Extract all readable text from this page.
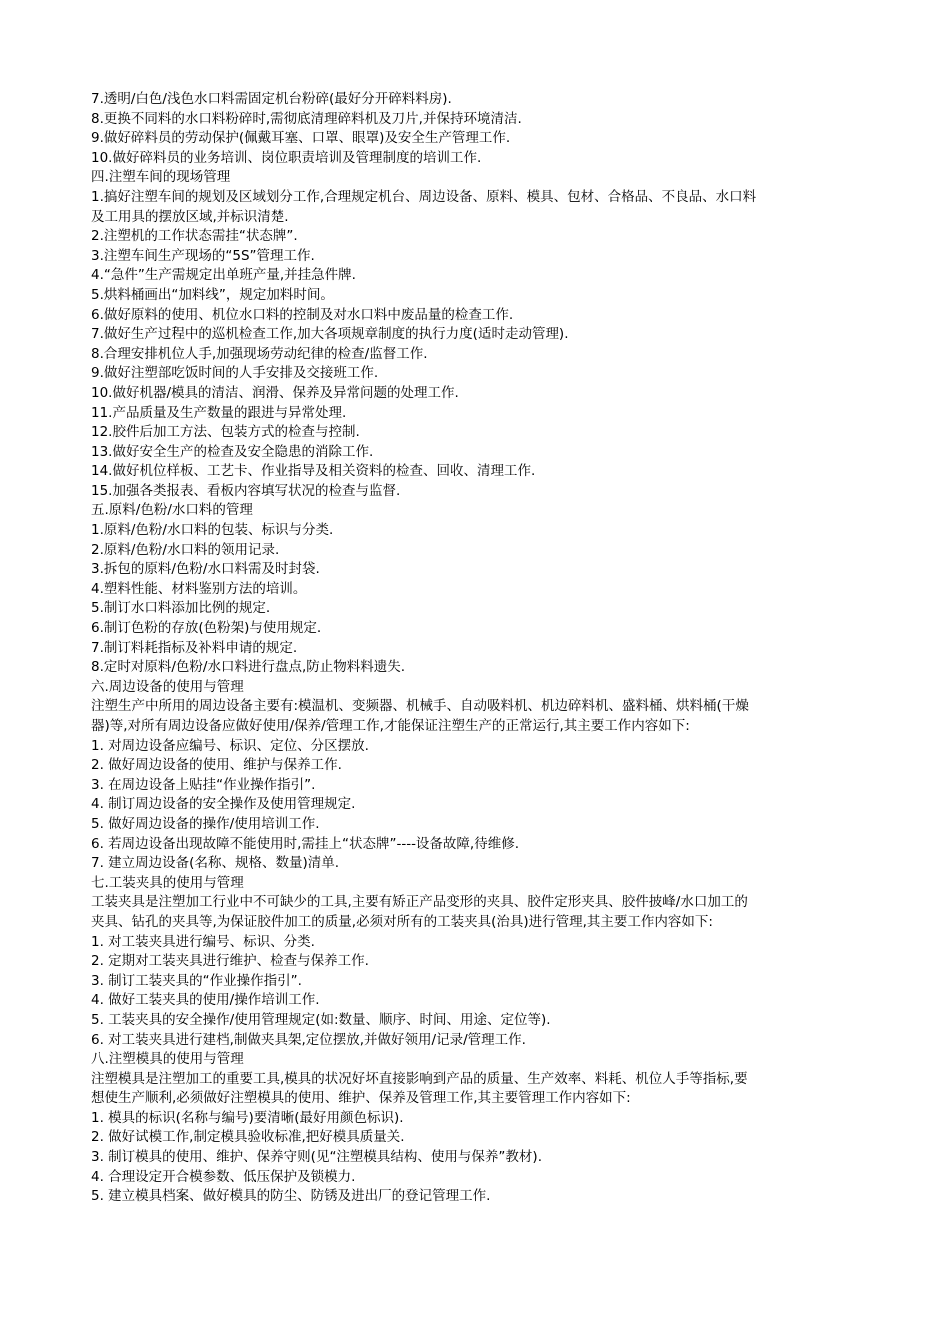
7.透明/白色/浅色水口料需固定机台粉碎(最好分开碎料料房).
8.更换不同料的水口料粉碎时,需彻底清理碎料机及刀片,并保持环境清洁.
9.做好碎料员的劳动保护(佩戴耳塞、口罩、眼罩)及安全生产管理工作.
10.做好碎料员的业务培训、岗位职责培训及管理制度的培训工作.
四.注塑车间的现场管理
1.搞好注塑车间的规划及区域划分工作,合理规定机台、周边设备、原料、模具、包材、合格品、不良品、水口料
及工用具的摆放区域,并标识清楚.
2.注塑机的工作状态需挂“状态牌”.
3.注塑车间生产现场的“5S”管理工作.
4.“急件”生产需规定出单班产量,并挂急件牌.
5.烘料桶画出“加料线”，规定加料时间。
6.做好原料的使用、机位水口料的控制及对水口料中废品量的检查工作.
7.做好生产过程中的巡机检查工作,加大各项规章制度的执行力度(适时走动管理).
8.合理安排机位人手,加强现场劳动纪律的检查/监督工作.
9.做好注塑部吃饭时间的人手安排及交接班工作.
10.做好机器/模具的清洁、润滑、保养及异常问题的处理工作.
11.产品质量及生产数量的跟进与异常处理.
12.胶件后加工方法、包装方式的检查与控制.
13.做好安全生产的检查及安全隐患的消除工作.
14.做好机位样板、工艺卡、作业指导及相关资料的检查、回收、清理工作.
15.加强各类报表、看板内容填写状况的检查与监督.
五.原料/色粉/水口料的管理
1.原料/色粉/水口料的包装、标识与分类.
2.原料/色粉/水口料的领用记录.
3.拆包的原料/色粉/水口料需及时封袋.
4.塑料性能、材料鉴别方法的培训。
5.制订水口料添加比例的规定.
6.制订色粉的存放(色粉架)与使用规定.
7.制订料耗指标及补料申请的规定.
8.定时对原料/色粉/水口料进行盘点,防止物料料遗失.
六.周边设备的使用与管理
注塑生产中所用的周边设备主要有:模温机、变频器、机械手、自动吸料机、机边碎料机、盛料桶、烘料桶(干燥
器)等,对所有周边设备应做好使用/保养/管理工作,才能保证注塑生产的正常运行,其主要工作内容如下:
1. 对周边设备应编号、标识、定位、分区摆放.
2. 做好周边设备的使用、维护与保养工作.
3. 在周边设备上贴挂“作业操作指引”.
4. 制订周边设备的安全操作及使用管理规定.
5. 做好周边设备的操作/使用培训工作.
6. 若周边设备出现故障不能使用时,需挂上“状态牌”----设备故障,待维修.
7. 建立周边设备(名称、规格、数量)清单.
七.工装夹具的使用与管理
工装夹具是注塑加工行业中不可缺少的工具,主要有矫正产品变形的夹具、胶件定形夹具、胶件披峰/水口加工的
夹具、钻孔的夹具等,为保证胶件加工的质量,必须对所有的工装夹具(治具)进行管理,其主要工作内容如下:
1. 对工装夹具进行编号、标识、分类.
2. 定期对工装夹具进行维护、检查与保养工作.
3. 制订工装夹具的“作业操作指引”.
4. 做好工装夹具的使用/操作培训工作.
5. 工装夹具的安全操作/使用管理规定(如:数量、顺序、时间、用途、定位等).
6. 对工装夹具进行建档,制做夹具架,定位摆放,并做好领用/记录/管理工作.
八.注塑模具的使用与管理
注塑模具是注塑加工的重要工具,模具的状况好坏直接影响到产品的质量、生产效率、料耗、机位人手等指标,要
想使生产顺利,必须做好注塑模具的使用、维护、保养及管理工作,其主要管理工作内容如下:
1. 模具的标识(名称与编号)要清晰(最好用颜色标识).
2. 做好试模工作,制定模具验收标准,把好模具质量关.
3. 制订模具的使用、维护、保养守则(见“注塑模具结构、使用与保养”教材).
4. 合理设定开合模参数、低压保护及锁模力.
5. 建立模具档案、做好模具的防尘、防锈及进出厂的登记管理工作.
